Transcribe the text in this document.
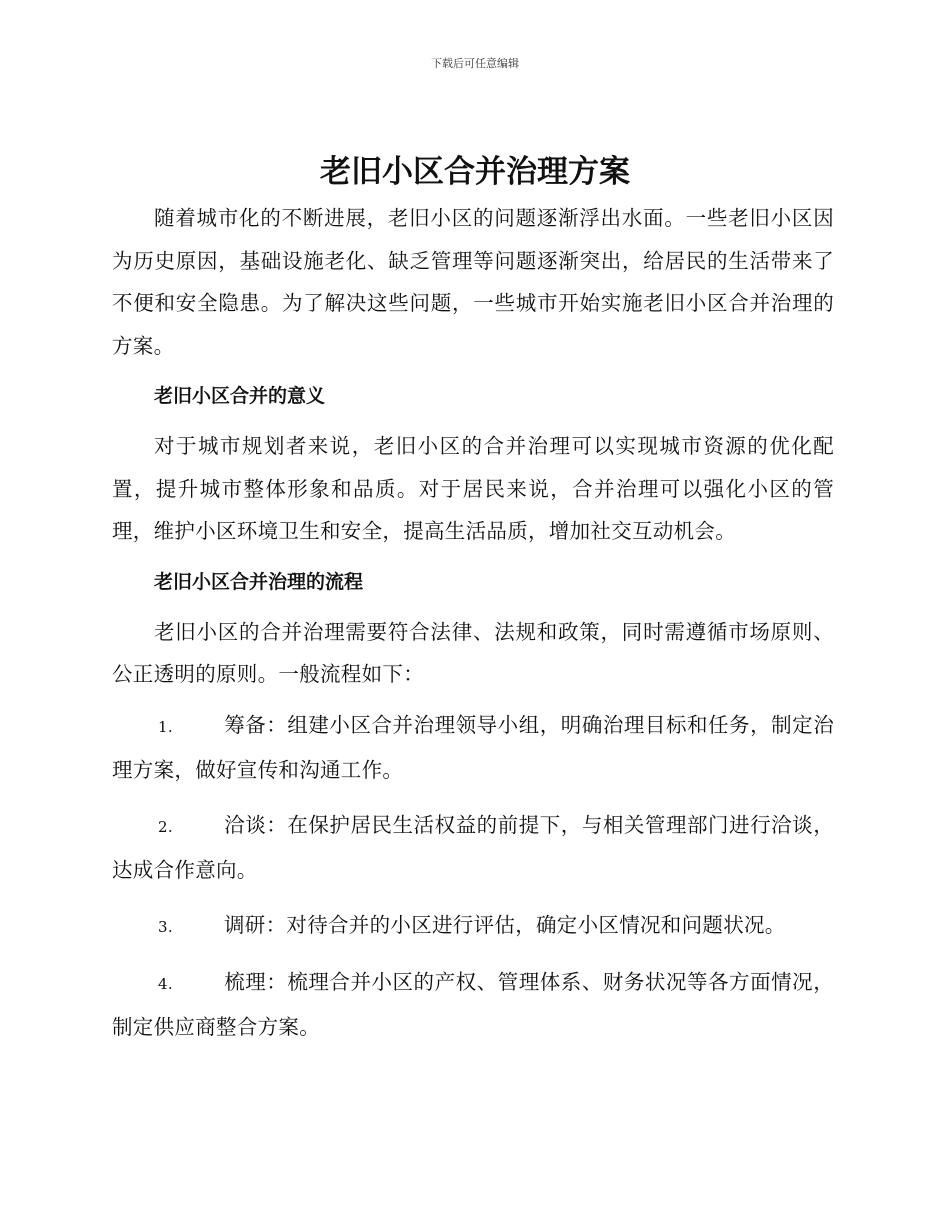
下载后可任意编辑
老旧小区合并治理方案

随着城市化的不断进展，老旧小区的问题逐渐浮出水面。一些老旧小区因为历史原因，基础设施老化、缺乏管理等问题逐渐突出，给居民的生活带来了不便和安全隐患。为了解决这些问题，一些城市开始实施老旧小区合并治理的方案。

老旧小区合并的意义

对于城市规划者来说，老旧小区的合并治理可以实现城市资源的优化配置，提升城市整体形象和品质。对于居民来说，合并治理可以强化小区的管理，维护小区环境卫生和安全，提高生活品质，增加社交互动机会。

老旧小区合并治理的流程

老旧小区的合并治理需要符合法律、法规和政策，同时需遵循市场原则、公正透明的原则。一般流程如下：

1. 筹备：组建小区合并治理领导小组，明确治理目标和任务，制定治理方案，做好宣传和沟通工作。
2. 洽谈：在保护居民生活权益的前提下，与相关管理部门进行洽谈，达成合作意向。
3. 调研：对待合并的小区进行评估，确定小区情况和问题状况。
4. 梳理：梳理合并小区的产权、管理体系、财务状况等各方面情况，制定供应商整合方案。
